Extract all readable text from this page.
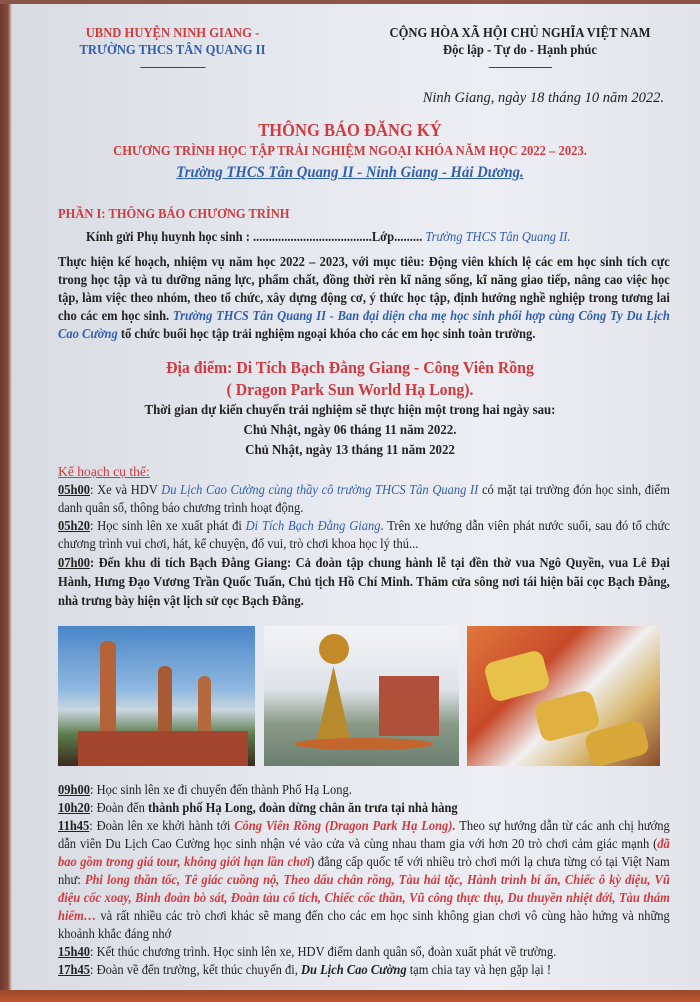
UBND HUYỆN NINH GIANG -
TRƯỜNG THCS TÂN QUANG II
-------------------------------
CỘNG HÒA XÃ HỘI CHỦ NGHĨA VIỆT NAM
Độc lập - Tự do - Hạnh phúc
------------------------------
Ninh Giang, ngày 18 tháng 10 năm 2022.
THÔNG BÁO ĐĂNG KÝ
CHƯƠNG TRÌNH HỌC TẬP TRẢI NGHIỆM NGOẠI KHÓA NĂM HỌC 2022 – 2023.
Trường THCS Tân Quang II - Ninh Giang - Hải Dương.
PHẦN I: THÔNG BÁO CHƯƠNG TRÌNH
Kính gửi Phụ huynh học sinh : ......................................Lớp......... Trường THCS Tân Quang II.
Thực hiện kế hoạch, nhiệm vụ năm học 2022 – 2023, với mục tiêu: Động viên khích lệ các em học sinh tích cực trong học tập và tu dưỡng năng lực, phẩm chất, đồng thời rèn kĩ năng sống, kĩ năng giao tiếp, nâng cao việc học tập, làm việc theo nhóm, theo tổ chức, xây dựng động cơ, ý thức học tập, định hướng nghề nghiệp trong tương lai cho các em học sinh. Trường THCS Tân Quang II - Ban đại diện cha mẹ học sinh phối hợp cùng Công Ty Du Lịch Cao Cường tổ chức buổi học tập trải nghiệm ngoại khóa cho các em học sinh toàn trường.
Địa điểm: Di Tích Bạch Đằng Giang - Công Viên Rồng
( Dragon Park Sun World Hạ Long).
Thời gian dự kiến chuyến trải nghiệm sẽ thực hiện một trong hai ngày sau:
Chủ Nhật, ngày 06 tháng 11 năm 2022.
Chủ Nhật, ngày 13 tháng 11 năm 2022
Kế hoạch cụ thể:
05h00: Xe và HDV Du Lịch Cao Cường cùng thầy cô trường THCS Tân Quang II có mặt tại trường đón học sinh, điểm danh quân số, thông báo chương trình hoạt động.
05h20: Học sinh lên xe xuất phát đi Di Tích Bạch Đằng Giang. Trên xe hướng dẫn viên phát nước suối, sau đó tổ chức chương trình vui chơi, hát, kể chuyện, đố vui, trò chơi khoa học lý thú...
07h00: Đến khu di tích Bạch Đằng Giang: Cả đoàn tập chung hành lễ tại đền thờ vua Ngô Quyền, vua Lê Đại Hành, Hưng Đạo Vương Trần Quốc Tuấn, Chủ tịch Hồ Chí Minh. Thăm cửa sông nơi tái hiện bãi cọc Bạch Đằng, nhà trưng bày hiện vật lịch sử cọc Bạch Đằng.
09h00: Học sinh lên xe đi chuyển đến thành Phố Hạ Long.
10h20: Đoàn đến thành phố Hạ Long, đoàn dừng chân ăn trưa tại nhà hàng
11h45: Đoàn lên xe khởi hành tới Công Viên Rồng (Dragon Park Hạ Long). Theo sự hướng dẫn từ các anh chị hướng dẫn viên Du Lịch Cao Cường học sinh nhận vé vào cửa và cùng nhau tham gia với hơn 20 trò chơi cảm giác mạnh (đã bao gồm trong giá tour, không giới hạn lần chơi) đẳng cấp quốc tế với nhiều trò chơi mới lạ chưa từng có tại Việt Nam như: Phi long thần tốc, Tê giác cuồng nộ, Theo dấu chân rồng, Tàu hải tặc, Hành trình bí ẩn, Chiếc ô kỳ diệu, Vũ điệu cốc xoay, Binh đoàn bò sát, Đoàn tàu cổ tích, Chiếc cốc thần, Vũ công thực thụ, Du thuyền nhiệt đới, Tàu thám hiểm… và rất nhiều các trò chơi khác sẽ mang đến cho các em học sinh không gian chơi vô cùng hào hứng và những khoảnh khắc đáng nhớ
15h40: Kết thúc chương trình. Học sinh lên xe, HDV điểm danh quân số, đoàn xuất phát về trường.
17h45: Đoàn về đến trường, kết thúc chuyến đi, Du Lịch Cao Cường tạm chia tay và hẹn gặp lại !
